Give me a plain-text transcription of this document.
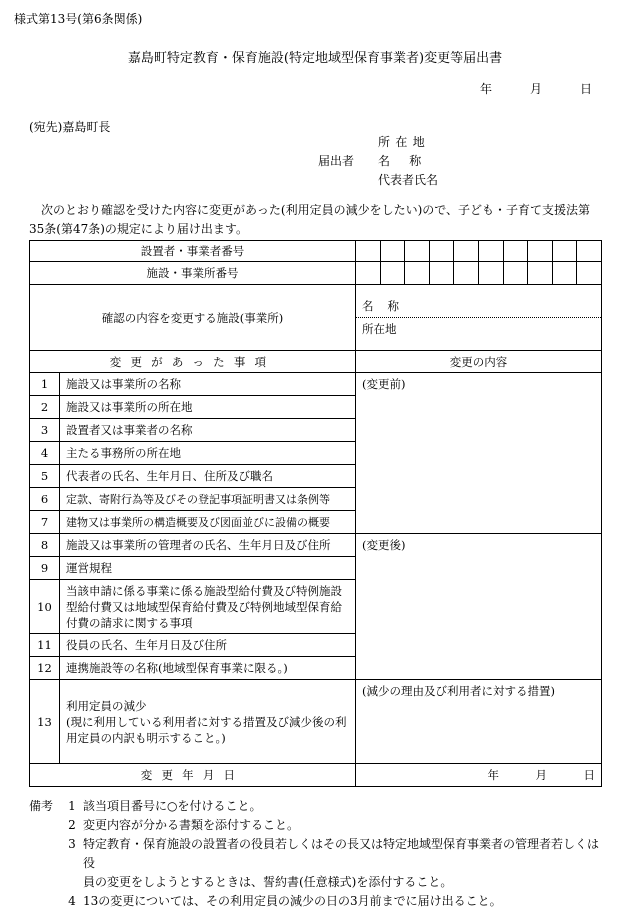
様式第13号(第6条関係)
嘉島町特定教育・保育施設(特定地域型保育事業者)変更等届出書
年	月	日
(宛先)嘉島町長
所在地
届出者	名称
代表者氏名
次のとおり確認を受けた内容に変更があった(利用定員の減少をしたい)ので、子ども・子育て支援法第35条(第47条)の規定により届け出ます。
設置者・事業者番号		

施設・事業所番号		

確認の内容を変更する施設(事業所)		名 称
所在地

変更があった事項		変更の内容
1	施設又は事業所の名称	(変更前)
2	施設又は事業所の所在地	
3	設置者又は事業者の名称	
4	主たる事務所の所在地	
5	代表者の氏名、生年月日、住所及び職名	
6	定款、寄附行為等及びその登記事項証明書又は条例等	
7	建物又は事業所の構造概要及び図面並びに設備の概要	
8	施設又は事業所の管理者の氏名、生年月日及び住所	(変更後)
9	運営規程	
10	当該申請に係る事業に係る施設型給付費及び特例施設型給付費又は地域型保育給付費及び特例地域型保育給付費の請求に関する事項	
11	役員の氏名、生年月日及び住所	
12	連携施設等の名称(地域型保育事業に限る。)	
13	利用定員の減少
(現に利用している利用者に対する措置及び減少後の利用定員の内訳も明示すること。)	(減少の理由及び利用者に対する措置)
変更年月日		年 月 日
備考	1 該当項目番号に○を付けること。
2 変更内容が分かる書類を添付すること。
3 特定教育・保育施設の設置者の役員若しくはその長又は特定地域型保育事業者の管理者若しくは役
員の変更をしようとするときは、誓約書(任意様式)を添付すること。
4 13の変更については、その利用定員の減少の日の3月前までに届け出ること。
